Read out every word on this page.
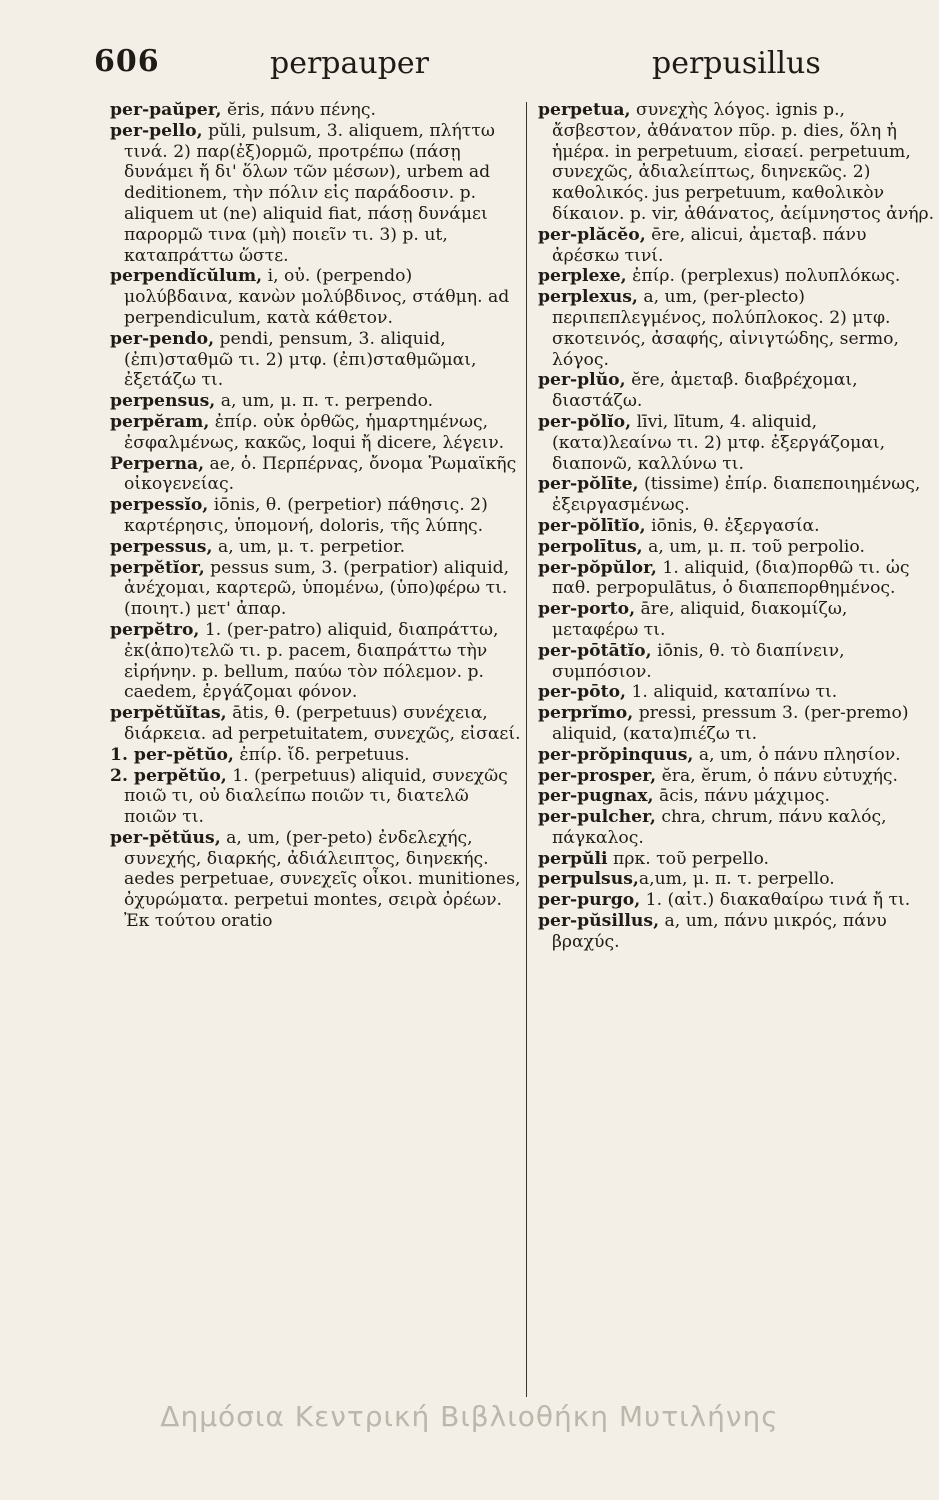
606	perpauper	perpusillus

per-paŭper, ĕris, πάνυ πένης.

per-pello, pŭli, pulsum, 3. aliquem, πλήττω τινά. 2) παρ(ἐξ)ορμῶ, προτρέπω (πάσῃ δυνάμει ἤ δι' ὅλων τῶν μέσων), urbem ad deditionem, τὴν πόλιν εἰς παράδοσιν. p. aliquem ut (ne) aliquid fiat, πάσῃ δυνάμει παρορμῶ τινα (μὴ) ποιεῖν τι. 3) p. ut, καταπράττω ὥστε.

perpendĭcŭlum, i, οὐ. (perpendo) μολύβδαινα, κανὼν μολύβδινος, στάθμη. ad perpendiculum, κατὰ κάθετον.

per-pendo, pendi, pensum, 3. aliquid, (ἐπι)σταθμῶ τι. 2) μτφ. (ἐπι)σταθμῶμαι, ἐξετάζω τι.

perpensus, a, um, μ. π. τ. perpendo.

perpĕram, ἐπίρ. οὐκ ὀρθῶς, ἡμαρτημένως, ἐσφαλμένως, κακῶς, loqui ἤ dicere, λέγειν.

Perperna, ae, ὁ. Περπέρνας, ὄνομα Ῥωμαϊκῆς οἰκογενείας.

perpessĭo, iōnis, θ. (perpetior) πάθησις. 2) καρτέρησις, ὑπομονή, doloris, τῆς λύπης.

perpessus, a, um, μ. τ. perpetior.

perpĕtĭor, pessus sum, 3. (perpatior) aliquid, ἀνέχομαι, καρτερῶ, ὑπομένω, (ὑπο)φέρω τι. (ποιητ.) μετ' ἀπαρ.

perpĕtro, 1. (per-patro) aliquid, διαπράττω, ἐκ(ἀπο)τελῶ τι. p. pacem, διαπράττω τὴν εἰρήνην. p. bellum, παύω τὸν πόλεμον. p. caedem, ἐργάζομαι φόνον.

perpĕtŭĭtas, ātis, θ. (perpetuus) συνέχεια, διάρκεια. ad perpetuitatem, συνεχῶς, εἰσαεί.

1. per-pĕtŭo, ἐπίρ. ἴδ. perpetuus.

2. perpĕtŭo, 1. (perpetuus) aliquid, συνεχῶς ποιῶ τι, οὐ διαλείπω ποιῶν τι, διατελῶ ποιῶν τι.

per-pĕtŭus, a, um, (per-peto) ἐνδελεχής, συνεχής, διαρκής, ἀδιάλειπτος, διηνεκής. aedes perpetuae, συνεχεῖς οἶκοι. munitiones, ὀχυρώματα. perpetui montes, σειρὰ ὀρέων. Ἐκ τούτου oratio

perpetua, συνεχὴς λόγος. ignis p., ἄσβεστον, ἀθάνατον πῦρ. p. dies, ὅλη ἡ ἡμέρα. in perpetuum, εἰσαεί. perpetuum, συνεχῶς, ἀδιαλείπτως, διηνεκῶς. 2) καθολικός. jus perpetuum, καθολικὸν δίκαιον. p. vir, ἀθάνατος, ἀείμνηστος ἀνήρ.

per-plăcĕo, ēre, alicui, ἀμεταβ. πάνυ ἀρέσκω τινί.

perplexe, ἐπίρ. (perplexus) πολυπλόκως.

perplexus, a, um, (per-plecto) περιπεπλεγμένος, πολύπλοκος. 2) μτφ. σκοτεινός, ἀσαφής, αἰνιγτώδης, sermo, λόγος.

per-plŭo, ĕre, ἀμεταβ. διαβρέχομαι, διαστάζω.

per-pŏlĭo, līvi, lītum, 4. aliquid, (κατα)λεαίνω τι. 2) μτφ. ἐξεργάζομαι, διαπονῶ, καλλύνω τι.

per-pŏlīte, (tissime) ἐπίρ. διαπεποιημένως, ἐξειργασμένως.

per-pŏlītĭo, iōnis, θ. ἐξεργασία.

perpolītus, a, um, μ. π. τοῦ perpolio.

per-pŏpŭlor, 1. aliquid, (δια)πορθῶ τι. ὡς παθ. perpopulātus, ὁ διαπεπορθημένος.

per-porto, āre, aliquid, διακομίζω, μεταφέρω τι.

per-pōtātĭo, iōnis, θ. τὸ διαπίνειν, συμπόσιον.

per-pōto, 1. aliquid, καταπίνω τι.

perprĭmo, pressi, pressum 3. (per-premo) aliquid, (κατα)πιέζω τι.

per-prŏpinquus, a, um, ὁ πάνυ πλησίον.

per-prosper, ĕra, ĕrum, ὁ πάνυ εὐτυχής.

per-pugnax, ācis, πάνυ μάχιμος.

per-pulcher, chra, chrum, πάνυ καλός, πάγκαλος.

perpŭli πρκ. τοῦ perpello.

perpulsus,a,um, μ. π. τ. perpello.

per-purgo, 1. (αἰτ.) διακαθαίρω τινά ἤ τι.

per-pŭsillus, a, um, πάνυ μικρός, πάνυ βραχύς.

Δημόσια Κεντρική Βιβλιοθήκη Μυτιλήνης
